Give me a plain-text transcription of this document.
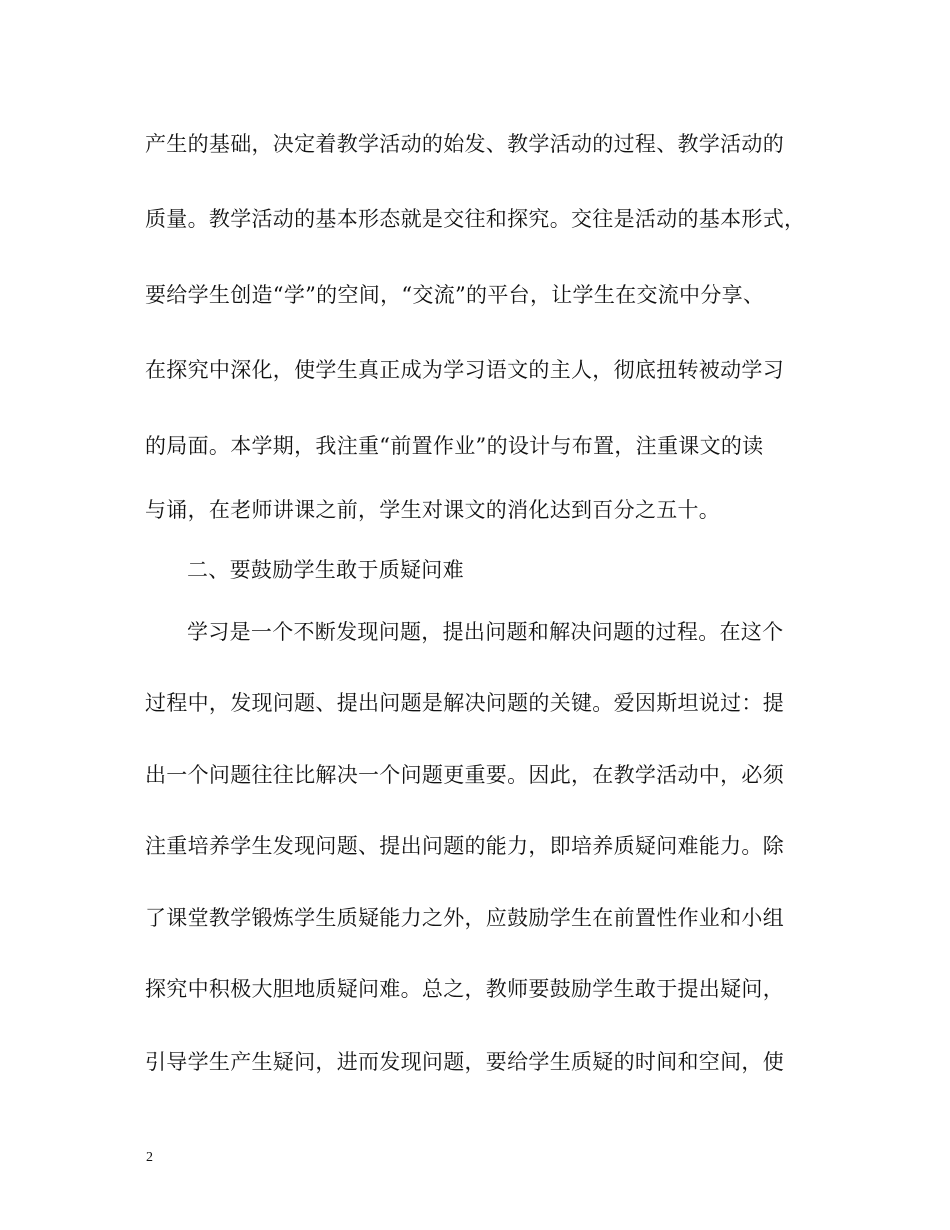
产生的基础，决定着教学活动的始发、教学活动的过程、教学活动的
质量。教学活动的基本形态就是交往和探究。交往是活动的基本形式，
要给学生创造“学”的空间，“交流”的平台，让学生在交流中分享、
在探究中深化，使学生真正成为学习语文的主人，彻底扭转被动学习
的局面。本学期，我注重“前置作业”的设计与布置，注重课文的读
与诵，在老师讲课之前，学生对课文的消化达到百分之五十。
二、要鼓励学生敢于质疑问难
学习是一个不断发现问题，提出问题和解决问题的过程。在这个
过程中，发现问题、提出问题是解决问题的关键。爱因斯坦说过：提
出一个问题往往比解决一个问题更重要。因此，在教学活动中，必须
注重培养学生发现问题、提出问题的能力，即培养质疑问难能力。除
了课堂教学锻炼学生质疑能力之外，应鼓励学生在前置性作业和小组
探究中积极大胆地质疑问难。总之，教师要鼓励学生敢于提出疑问，
引导学生产生疑问，进而发现问题，要给学生质疑的时间和空间，使
2
